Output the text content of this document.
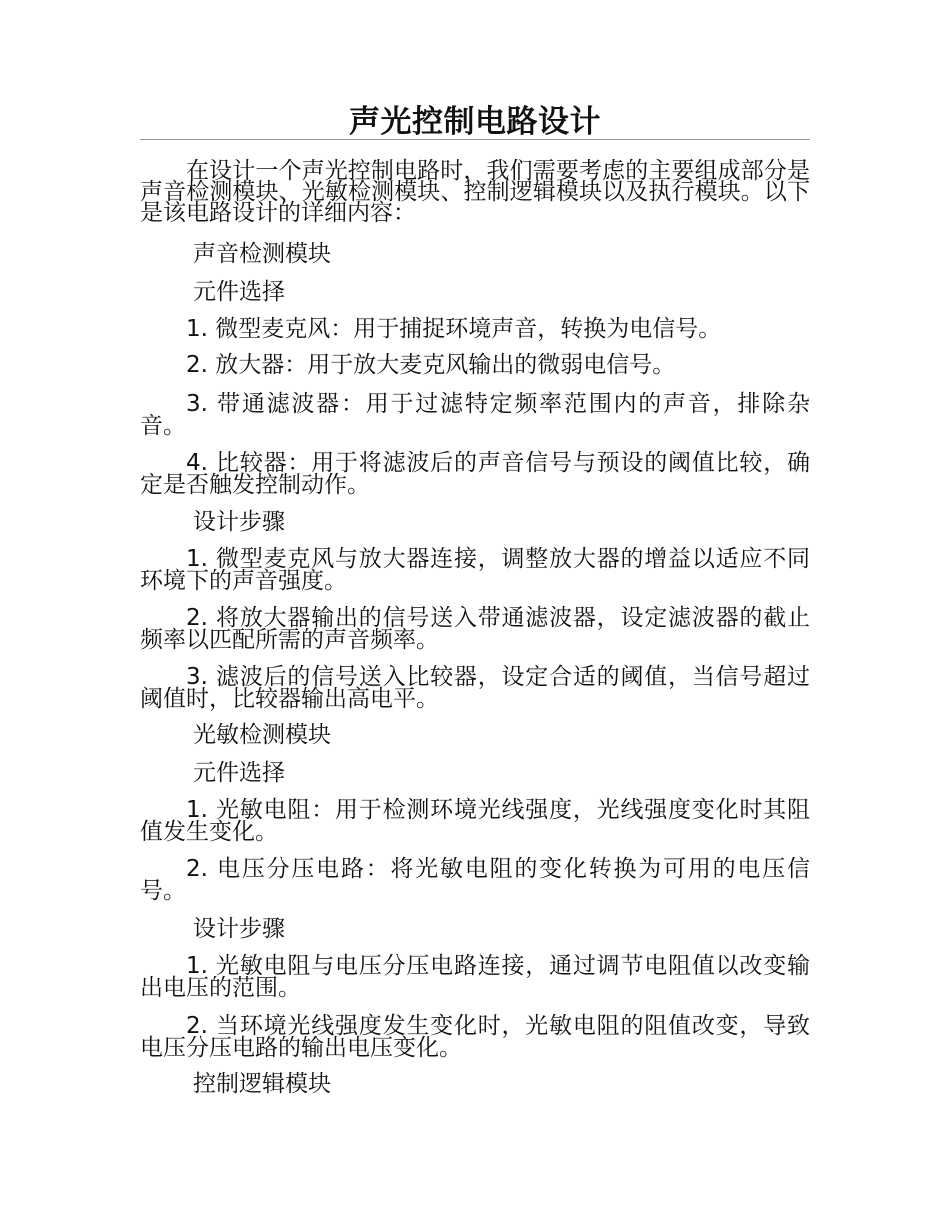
声光控制电路设计
在设计一个声光控制电路时，我们需要考虑的主要组成部分是声音检测模块、光敏检测模块、控制逻辑模块以及执行模块。以下是该电路设计的详细内容：
声音检测模块
元件选择
1. 微型麦克风：用于捕捉环境声音，转换为电信号。
2. 放大器：用于放大麦克风输出的微弱电信号。
3. 带通滤波器：用于过滤特定频率范围内的声音，排除杂音。
4. 比较器：用于将滤波后的声音信号与预设的阈值比较，确定是否触发控制动作。
设计步骤
1. 微型麦克风与放大器连接，调整放大器的增益以适应不同环境下的声音强度。
2. 将放大器输出的信号送入带通滤波器，设定滤波器的截止频率以匹配所需的声音频率。
3. 滤波后的信号送入比较器，设定合适的阈值，当信号超过阈值时，比较器输出高电平。
光敏检测模块
元件选择
1. 光敏电阻：用于检测环境光线强度，光线强度变化时其阻值发生变化。
2. 电压分压电路：将光敏电阻的变化转换为可用的电压信号。
设计步骤
1. 光敏电阻与电压分压电路连接，通过调节电阻值以改变输出电压的范围。
2. 当环境光线强度发生变化时，光敏电阻的阻值改变，导致电压分压电路的输出电压变化。
控制逻辑模块
